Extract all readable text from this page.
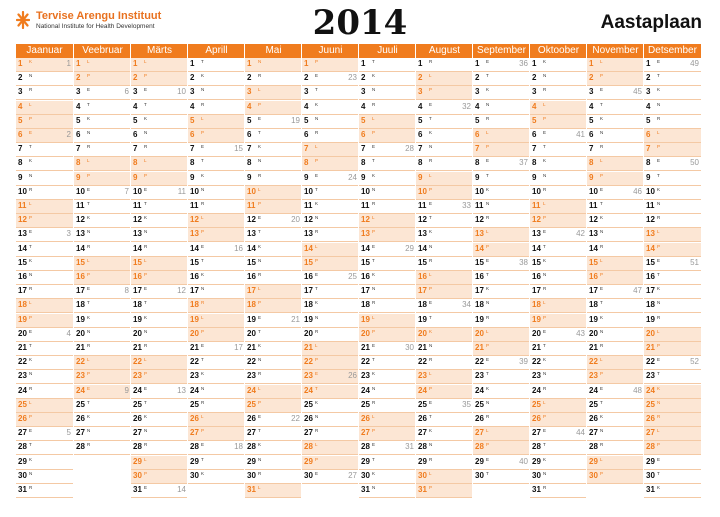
Tervise Arengu Instituut
National Institute for Health Development	2014	Aastaplaan
Jaanuar
1 K	1
2 N
3 R
4 L
5 P
6 E	2
7 T
8 K
9 N
10 R
11 L
12 P
13 E	3
14 T
15 K
16 N
17 R
18 L
19 P
20 E	4
21 T
22 K
23 N
24 R
25 L
26 P
27 E	5
28 T
29 K
30 N
31 R
Veebruar
1 L
2 P
3 E	6
4 T
5 K
6 N
7 R
8 L
9 P
10 E	7
11 T
12 K
13 N
14 R
15 L
16 P
17 E	8
18 T
19 K
20 N
21 R
22 L
23 P
24 E	9
25 T
26 K
27 N
28 R
Märts
1 L
2 P
3 E	10
4 T
5 K
6 N
7 R
8 L
9 P
10 E	11
11 T
12 K
13 N
14 R
15 L
16 P
17 E	12
18 T
19 K
20 N
21 R
22 L
23 P
24 E	13
25 T
26 K
27 N
28 R
29 L
30 P
31 E	14
Aprill
1 T
2 K
3 N
4 R
5 L
6 P
7 E	15
8 T
9 K
10 N
11 R
12 L
13 P
14 E	16
15 T
16 K
17 N
18 R
19 L
20 P
21 E	17
22 T
23 K
24 N
25 R
26 L
27 P
28 E	18
29 T
30 K
Mai
1 N
2 R
3 L
4 P
5 E	19
6 T
7 K
8 N
9 R
10 L
11 P
12 E	20
13 T
14 K
15 N
16 R
17 L
18 P
19 E	21
20 T
21 K
22 N
23 R
24 L
25 P
26 E	22
27 T
28 K
29 N
30 R
31 L
Juuni
1 P
2 E	23
3 T
4 K
5 N
6 R
7 L
8 P
9 E	24
10 T
11 K
12 N
13 R
14 L
15 P
16 E	25
17 T
18 K
19 N
20 R
21 L
22 P
23 E	26
24 T
25 K
26 N
27 R
28 L
29 P
30 E	27
Juuli
1 T
2 K
3 N
4 R
5 L
6 P
7 E	28
8 T
9 K
10 N
11 R
12 L
13 P
14 E	29
15 T
16 K
17 N
18 R
19 L
20 P
21 E	30
22 T
23 K
24 N
25 R
26 L
27 P
28 E	31
29 T
30 K
31 N
August
1 R
2 L
3 P
4 E	32
5 T
6 K
7 N
8 R
9 L
10 P
11 E	33
12 T
13 K
14 N
15 R
16 L
17 P
18 E	34
19 T
20 K
21 N
22 R
23 L
24 P
25 E	35
26 T
27 K
28 N
29 R
30 L
31 P
September
1 E	36
2 T
3 K
4 N
5 R
6 L
7 P
8 E	37
9 T
10 K
11 N
12 R
13 L
14 P
15 E	38
16 T
17 K
18 N
19 R
20 L
21 P
22 E	39
23 T
24 K
25 N
26 R
27 L
28 P
29 E	40
30 T
Oktoober
1 K
2 N
3 R
4 L
5 P
6 E	41
7 T
8 K
9 N
10 R
11 L
12 P
13 E	42
14 T
15 K
16 N
17 R
18 L
19 P
20 E	43
21 T
22 K
23 N
24 R
25 L
26 P
27 E	44
28 T
29 K
30 N
31 R
November
1 L
2 P
3 E	45
4 T
5 K
6 N
7 R
8 L
9 P
10 E	46
11 T
12 K
13 N
14 R
15 L
16 P
17 E	47
18 T
19 K
20 N
21 R
22 L
23 P
24 E	48
25 T
26 K
27 N
28 R
29 L
30 P
Detsember
1 E	49
2 T
3 K
4 N
5 R
6 L
7 P
8 E	50
9 T
10 K
11 N
12 R
13 L
14 P
15 E	51
16 T
17 K
18 N
19 R
20 L
21 P
22 E	52
23 T
24 K
25 N
26 R
27 L
28 P
29 E
30 T
31 K
